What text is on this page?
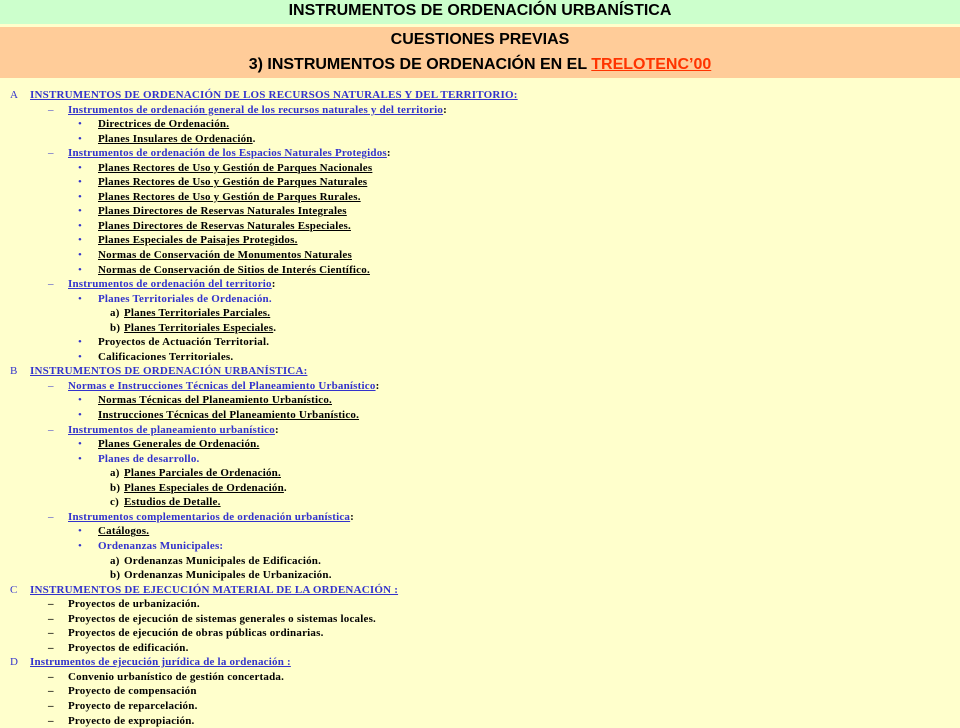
INSTRUMENTOS DE ORDENACIÓN URBANÍSTICA
CUESTIONES PREVIAS
3) INSTRUMENTOS DE ORDENACIÓN EN EL TRELOTENC’00
A INSTRUMENTOS DE ORDENACIÓN DE LOS RECURSOS NATURALES Y DEL TERRITORIO:
– Instrumentos de ordenación general de los recursos naturales y del territorio:
• Directrices de Ordenación.
• Planes Insulares de Ordenación.
– Instrumentos de ordenación de los Espacios Naturales Protegidos:
• Planes Rectores de Uso y Gestión de Parques Nacionales
• Planes Rectores de Uso y Gestión de Parques Naturales
• Planes Rectores de Uso y Gestión de Parques Rurales.
• Planes Directores de Reservas Naturales Integrales
• Planes Directores de Reservas Naturales Especiales.
• Planes Especiales de Paisajes Protegidos.
• Normas de Conservación de Monumentos Naturales
• Normas de Conservación de Sitios de Interés Científico.
– Instrumentos de ordenación del territorio:
• Planes Territoriales de Ordenación.
a) Planes Territoriales Parciales.
b) Planes Territoriales Especiales.
• Proyectos de Actuación Territorial.
• Calificaciones Territoriales.
B INSTRUMENTOS DE ORDENACIÓN URBANÍSTICA:
– Normas e Instrucciones Técnicas del Planeamiento Urbanístico:
• Normas Técnicas del Planeamiento Urbanístico.
• Instrucciones Técnicas del Planeamiento Urbanístico.
– Instrumentos de planeamiento urbanístico:
• Planes Generales de Ordenación.
• Planes de desarrollo.
a) Planes Parciales de Ordenación.
b) Planes Especiales de Ordenación.
c) Estudios de Detalle.
– Instrumentos complementarios de ordenación urbanística:
• Catálogos.
• Ordenanzas Municipales:
a) Ordenanzas Municipales de Edificación.
b) Ordenanzas Municipales de Urbanización.
C INSTRUMENTOS DE EJECUCIÓN MATERIAL DE LA ORDENACIÓN :
– Proyectos de urbanización.
– Proyectos de ejecución de sistemas generales o sistemas locales.
– Proyectos de ejecución de obras públicas ordinarias.
– Proyectos de edificación.
D Instrumentos de ejecución jurídica de la ordenación :
– Convenio urbanístico de gestión concertada.
– Proyecto de compensación
– Proyecto de reparcelación.
– Proyecto de expropiación.
